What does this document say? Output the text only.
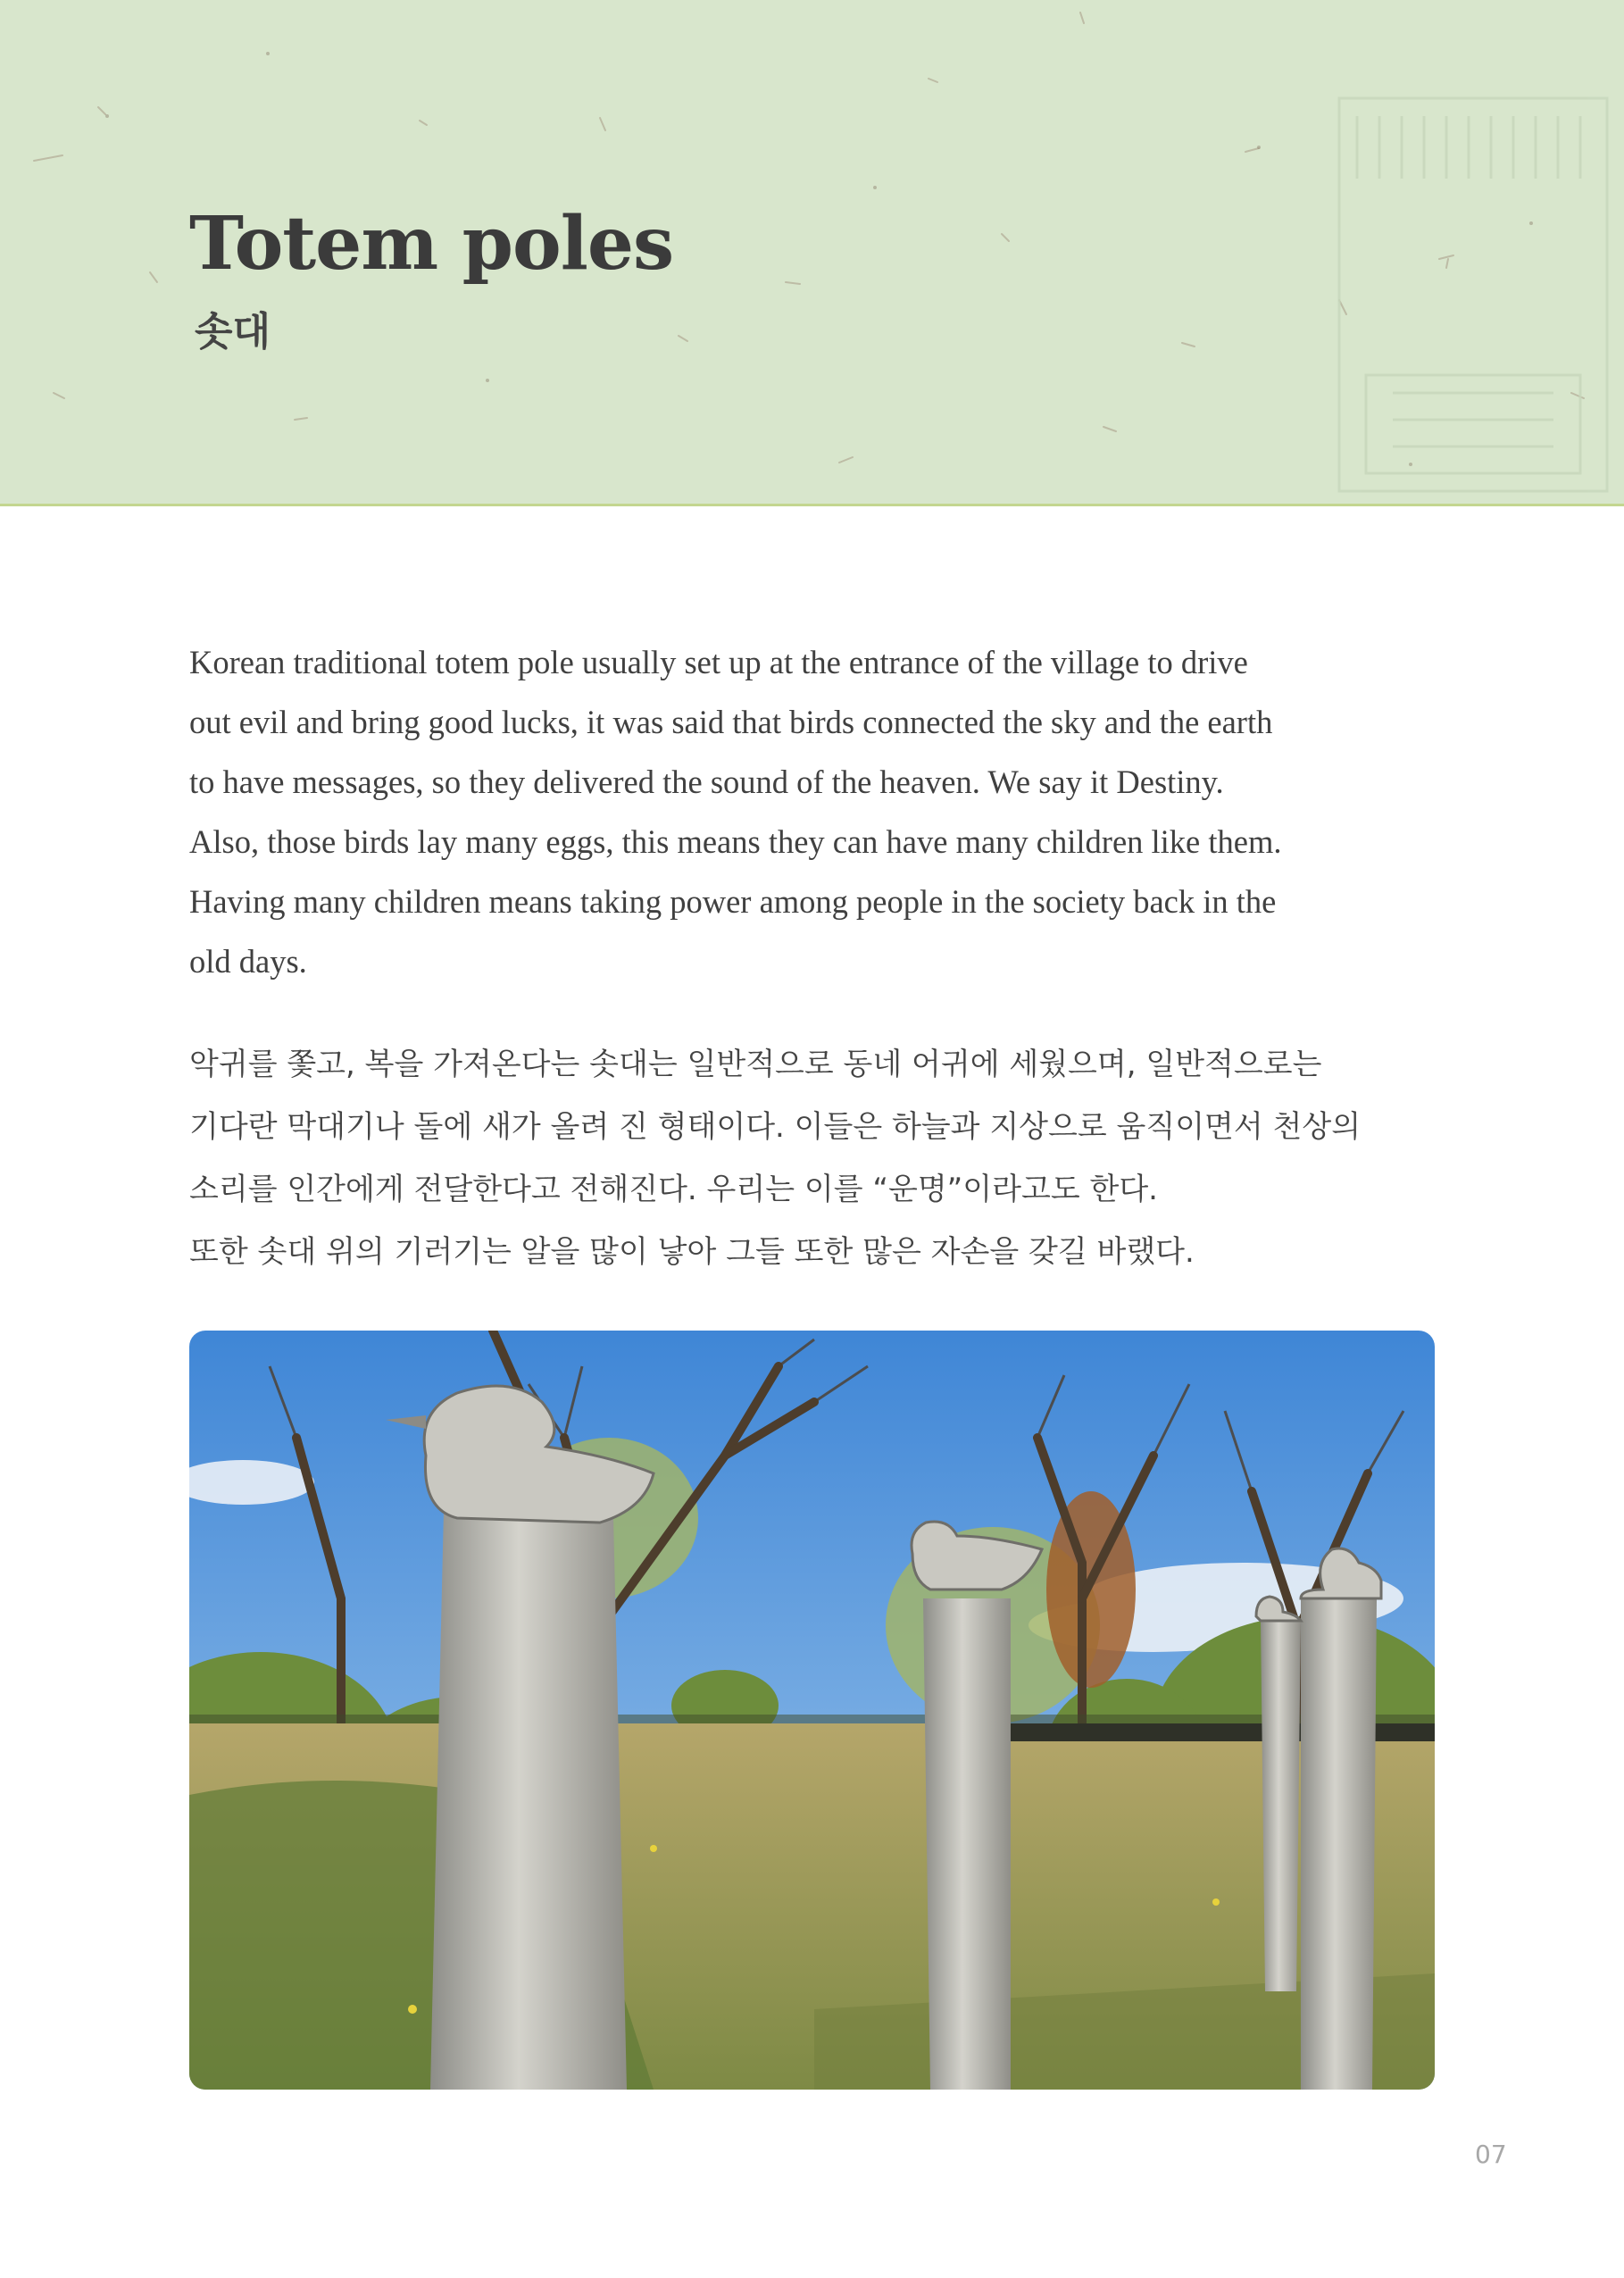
Totem poles
솟대
Korean traditional totem pole usually set up at the entrance of the village to drive
out evil and bring good lucks, it was said that birds connected the sky and the earth
to have messages, so they delivered the sound of the heaven. We say it Destiny.
Also, those birds lay many eggs, this means they can have many children like them.
Having many children means taking power among people in the society back in the
old days.
악귀를 쫓고, 복을 가져온다는 솟대는 일반적으로 동네 어귀에 세웠으며, 일반적으로는
기다란 막대기나 돌에 새가 올려 진 형태이다. 이들은 하늘과 지상으로 움직이면서 천상의
소리를 인간에게 전달한다고 전해진다. 우리는 이를 “운명”이라고도 한다.
또한 솟대 위의 기러기는 알을 많이 낳아 그들 또한 많은 자손을 갖길 바랬다.

07
